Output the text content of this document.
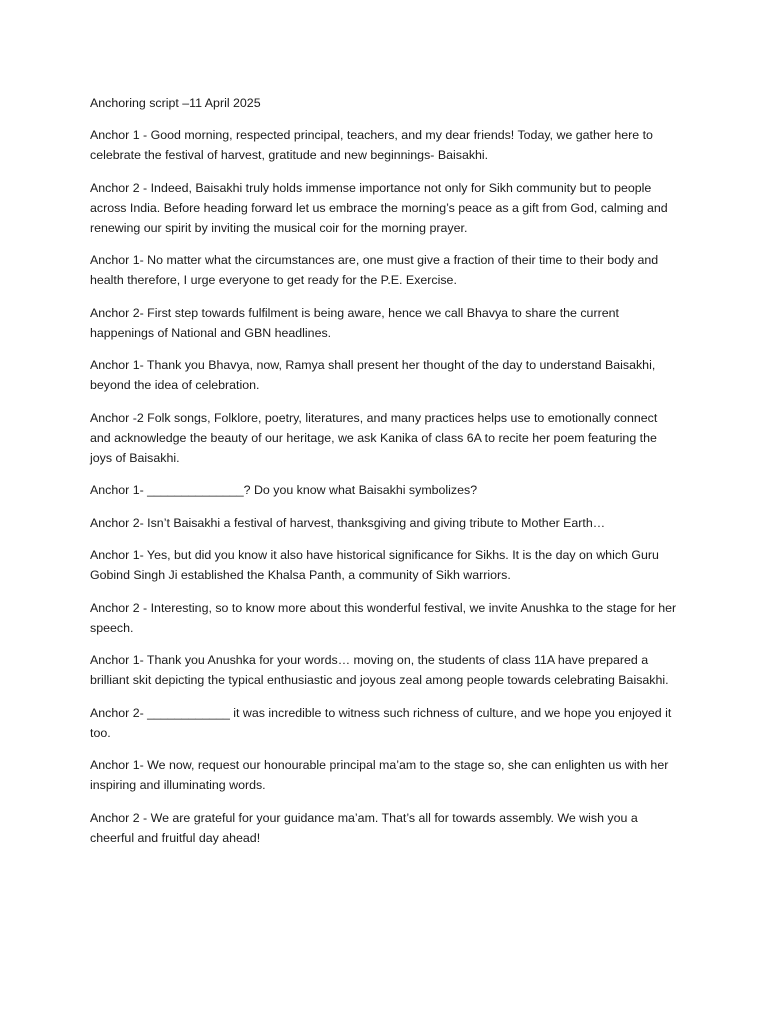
Anchoring script –11 April 2025

Anchor 1 - Good morning, respected principal, teachers, and my dear friends! Today, we gather here to celebrate the festival of harvest, gratitude and new beginnings- Baisakhi.

Anchor 2 - Indeed, Baisakhi truly holds immense importance not only for Sikh community but to people across India. Before heading forward let us embrace the morning’s peace as a gift from God, calming and renewing our spirit by inviting the musical coir for the morning prayer.

Anchor 1- No matter what the circumstances are, one must give a fraction of their time to their body and health therefore, I urge everyone to get ready for the P.E. Exercise.

Anchor 2- First step towards fulfilment is being aware, hence we call Bhavya to share the current happenings of National and GBN headlines.

Anchor 1- Thank you Bhavya, now, Ramya shall present her thought of the day to understand Baisakhi, beyond the idea of celebration.

Anchor -2 Folk songs, Folklore, poetry, literatures, and many practices helps use to emotionally connect and acknowledge the beauty of our heritage, we ask Kanika of class 6A to recite her poem featuring the joys of Baisakhi.

Anchor 1- ______________? Do you know what Baisakhi symbolizes?

Anchor 2- Isn’t Baisakhi a festival of harvest, thanksgiving and giving tribute to Mother Earth…

Anchor 1- Yes, but did you know it also have historical significance for Sikhs. It is the day on which Guru Gobind Singh Ji established the Khalsa Panth, a community of Sikh warriors.

Anchor 2 - Interesting, so to know more about this wonderful festival, we invite Anushka to the stage for her speech.

Anchor 1- Thank you Anushka for your words… moving on, the students of class 11A have prepared a brilliant skit depicting the typical enthusiastic and joyous zeal among people towards celebrating Baisakhi.

Anchor 2- ____________ it was incredible to witness such richness of culture, and we hope you enjoyed it too.

Anchor 1- We now, request our honourable principal ma’am to the stage so, she can enlighten us with her inspiring and illuminating words.

Anchor 2 - We are grateful for your guidance ma’am. That’s all for towards assembly. We wish you a cheerful and fruitful day ahead!
